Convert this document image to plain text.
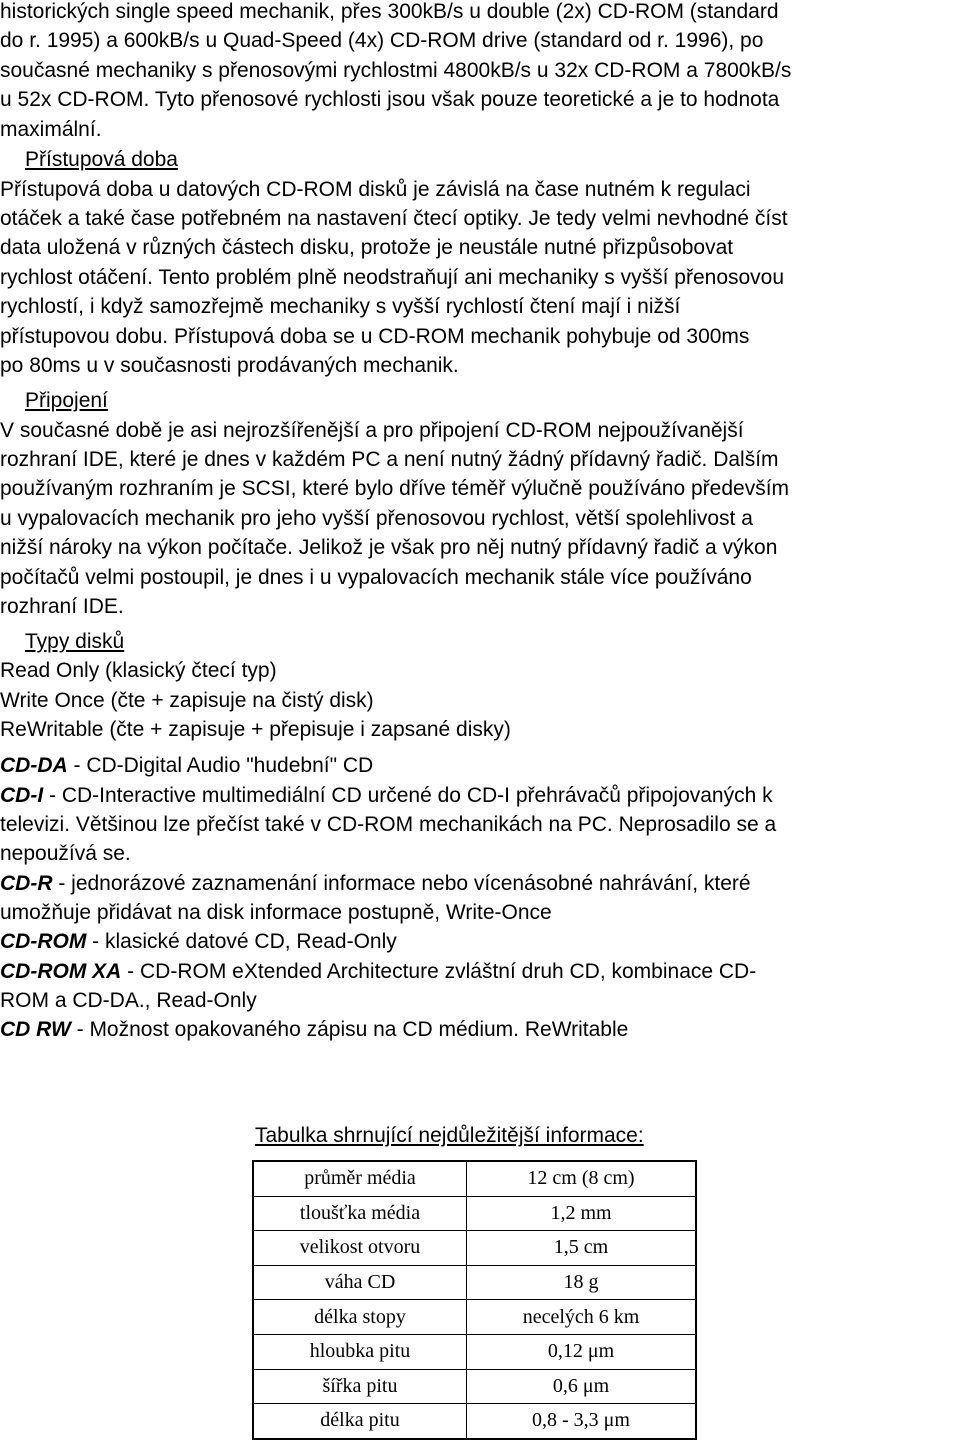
historických single speed mechanik, přes 300kB/s u double (2x) CD-ROM (standard
do r. 1995) a 600kB/s u Quad-Speed (4x) CD-ROM drive (standard od r. 1996), po
současné mechaniky s přenosovými rychlostmi 4800kB/s u 32x CD-ROM a 7800kB/s
u 52x CD-ROM. Tyto přenosové rychlosti jsou však pouze teoretické a je to hodnota
maximální.

Přístupová doba
Přístupová doba u datových CD-ROM disků je závislá na čase nutném k regulaci

otáček a také čase potřebném na nastavení čtecí optiky. Je tedy velmi nevhodné číst
data uložená v různých částech disku, protože je neustále nutné přizpůsobovat
rychlost otáčení. Tento problém plně neodstraňují ani mechaniky s vyšší přenosovou
rychlostí, i když samozřejmě mechaniky s vyšší rychlostí čtení mají i nižší
přístupovou dobu. Přístupová doba se u CD-ROM mechanik pohybuje od 300ms
po 80ms u v současnosti prodávaných mechanik.

Připojení
V současné době je asi nejrozšířenější a pro připojení CD-ROM nejpoužívanější

rozhraní IDE, které je dnes v každém PC a není nutný žádný přídavný řadič. Dalším
používaným rozhraním je SCSI, které bylo dříve téměř výlučně používáno především
u vypalovacích mechanik pro jeho vyšší přenosovou rychlost, větší spolehlivost a
nižší nároky na výkon počítače. Jelikož je však pro něj nutný přídavný řadič a výkon
počítačů velmi postoupil, je dnes i u vypalovacích mechanik stále více používáno
rozhraní IDE.

Typy disků
Read Only (klasický čtecí typ)
Write Once (čte + zapisuje na čistý disk)
ReWritable (čte + zapisuje + přepisuje i zapsané disky)
CD-DA - CD-Digital Audio "hudební" CD
CD-I - CD-Interactive multimediální CD určené do CD-I přehrávačů připojovaných k

televizi. Většinou lze přečíst také v CD-ROM mechanikách na PC. Neprosadilo se a
nepoužívá se.

CD-R - jednorázové zaznamenání informace nebo vícenásobné nahrávání, které
umožňuje přidávat na disk informace postupně, Write-Once
CD-ROM - klasické datové CD, Read-Only
CD-ROM XA - CD-ROM eXtended Architecture zvláštní druh CD, kombinace CD-
ROM a CD-DA., Read-Only
CD RW - Možnost opakovaného zápisu na CD médium. ReWritable
Tabulka shrnující nejdůležitější informace:
průměr média	12 cm (8 cm)
tloušťka média	1,2 mm
velikost otvoru	1,5 cm
váha CD	18 g
délka stopy	necelých 6 km
hloubka pitu	0,12 μm
šířka pitu	0,6 μm
délka pitu	0,8 - 3,3 μm
